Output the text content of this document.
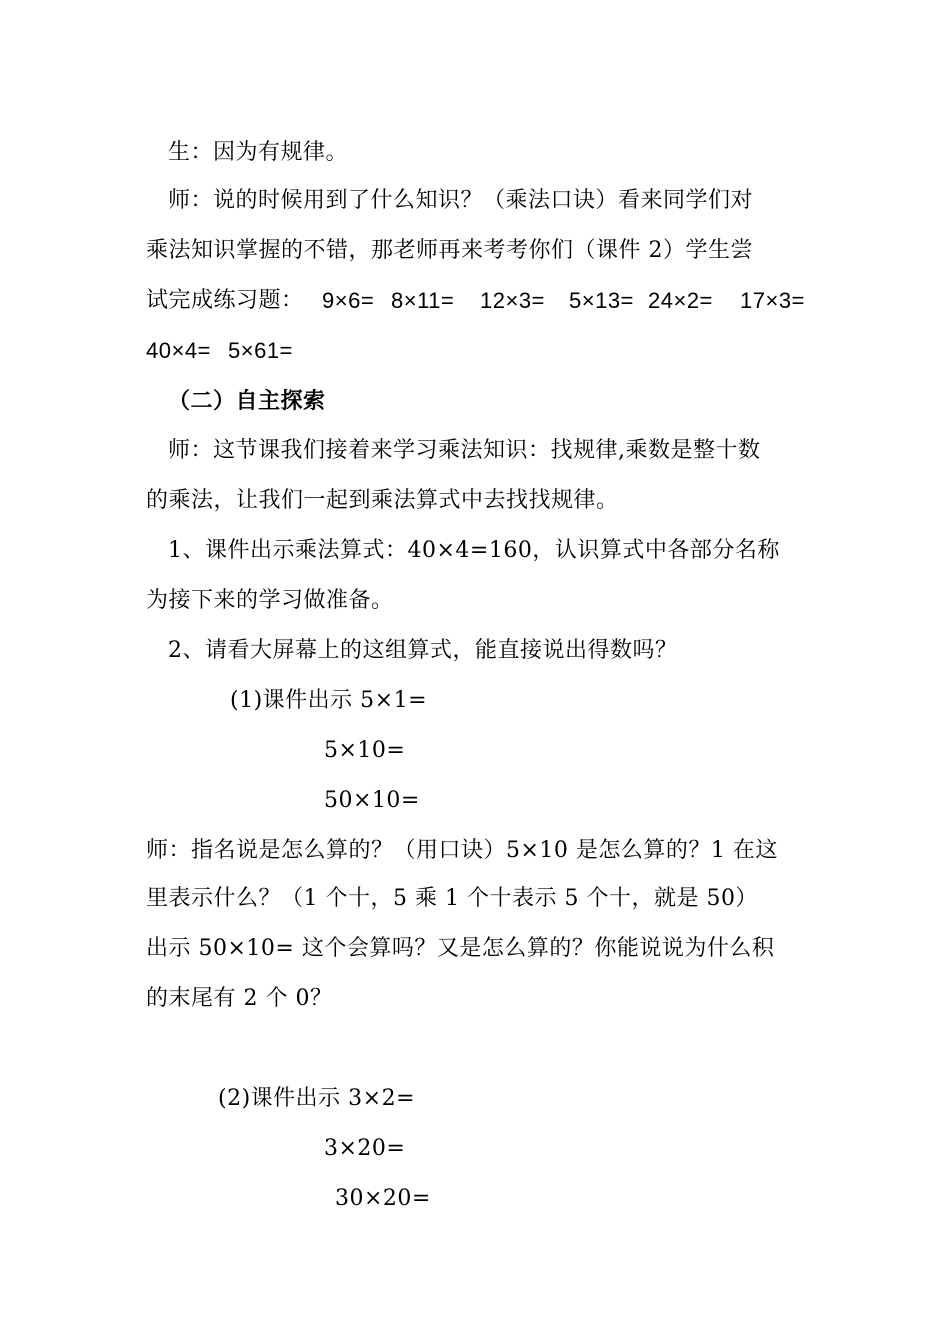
生：因为有规律。
师：说的时候用到了什么知识？（乘法口诀）看来同学们对
乘法知识掌握的不错，那老师再来考考你们（课件 2）学生尝
试完成练习题： 9×6= 8×11= 12×3= 5×13= 24×2= 17×3=
40×4= 5×61=
（二）自主探索
师：这节课我们接着来学习乘法知识：找规律,乘数是整十数
的乘法，让我们一起到乘法算式中去找找规律。
1、课件出示乘法算式：40×4=160，认识算式中各部分名称
为接下来的学习做准备。
2、请看大屏幕上的这组算式，能直接说出得数吗？
(1)课件出示 5×1=
5×10=
50×10=
师：指名说是怎么算的？（用口诀）5×10 是怎么算的？1 在这
里表示什么？（1 个十，5 乘 1 个十表示 5 个十，就是 50）
出示 50×10= 这个会算吗？又是怎么算的？你能说说为什么积
的末尾有 2 个 0？
(2)课件出示 3×2=
3×20=
30×20=
